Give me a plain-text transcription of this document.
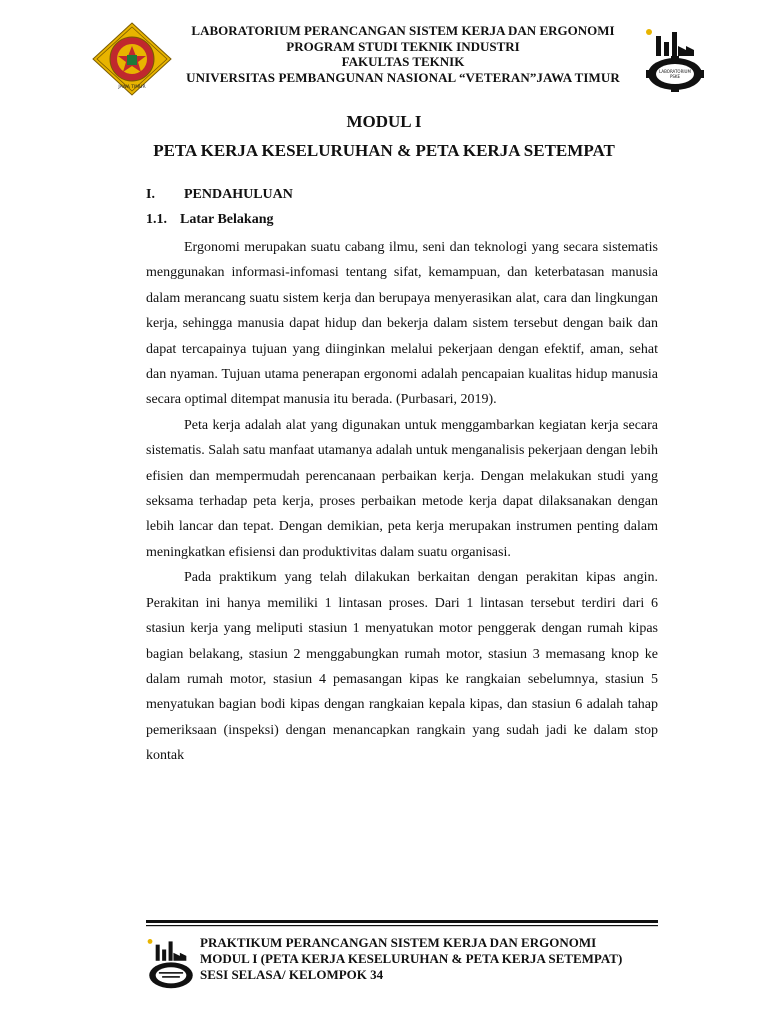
JAWA TIMUR
LABORATORIUM
PSKE
LABORATORIUM PERANCANGAN SISTEM KERJA DAN ERGONOMI
PROGRAM STUDI TEKNIK INDUSTRI
FAKULTAS TEKNIK
UNIVERSITAS PEMBANGUNAN NASIONAL “VETERAN”JAWA TIMUR
MODUL I
PETA KERJA KESELURUHAN & PETA KERJA SETEMPAT
I. PENDAHULUAN
1.1. Latar Belakang

Ergonomi merupakan suatu cabang ilmu, seni dan teknologi yang secara sistematis menggunakan informasi-infomasi tentang sifat, kemampuan, dan keterbatasan manusia dalam merancang suatu sistem kerja dan berupaya menyerasikan alat, cara dan lingkungan kerja, sehingga manusia dapat hidup dan bekerja dalam sistem tersebut dengan baik dan dapat tercapainya tujuan yang diinginkan melalui pekerjaan dengan efektif, aman, sehat dan nyaman. Tujuan utama penerapan ergonomi adalah pencapaian kualitas hidup manusia secara optimal ditempat manusia itu berada. (Purbasari, 2019).

Peta kerja adalah alat yang digunakan untuk menggambarkan kegiatan kerja secara sistematis. Salah satu manfaat utamanya adalah untuk menganalisis pekerjaan dengan lebih efisien dan mempermudah perencanaan perbaikan kerja. Dengan melakukan studi yang seksama terhadap peta kerja, proses perbaikan metode kerja dapat dilaksanakan dengan lebih lancar dan tepat. Dengan demikian, peta kerja merupakan instrumen penting dalam meningkatkan efisiensi dan produktivitas dalam suatu organisasi.

Pada praktikum yang telah dilakukan berkaitan dengan perakitan kipas angin. Perakitan ini hanya memiliki 1 lintasan proses. Dari 1 lintasan tersebut terdiri dari 6 stasiun kerja yang meliputi stasiun 1 menyatukan motor penggerak dengan rumah kipas bagian belakang, stasiun 2 menggabungkan rumah motor, stasiun 3 memasang knop ke dalam rumah motor, stasiun 4 pemasangan kipas ke rangkaian sebelumnya, stasiun 5 menyatukan bagian bodi kipas dengan rangkaian kepala kipas, dan stasiun 6 adalah tahap pemeriksaan (inspeksi) dengan menancapkan rangkain yang sudah jadi ke dalam stop kontak

PRAKTIKUM PERANCANGAN SISTEM KERJA DAN ERGONOMI
MODUL I (PETA KERJA KESELURUHAN & PETA KERJA SETEMPAT)
SESI SELASA/ KELOMPOK 34
